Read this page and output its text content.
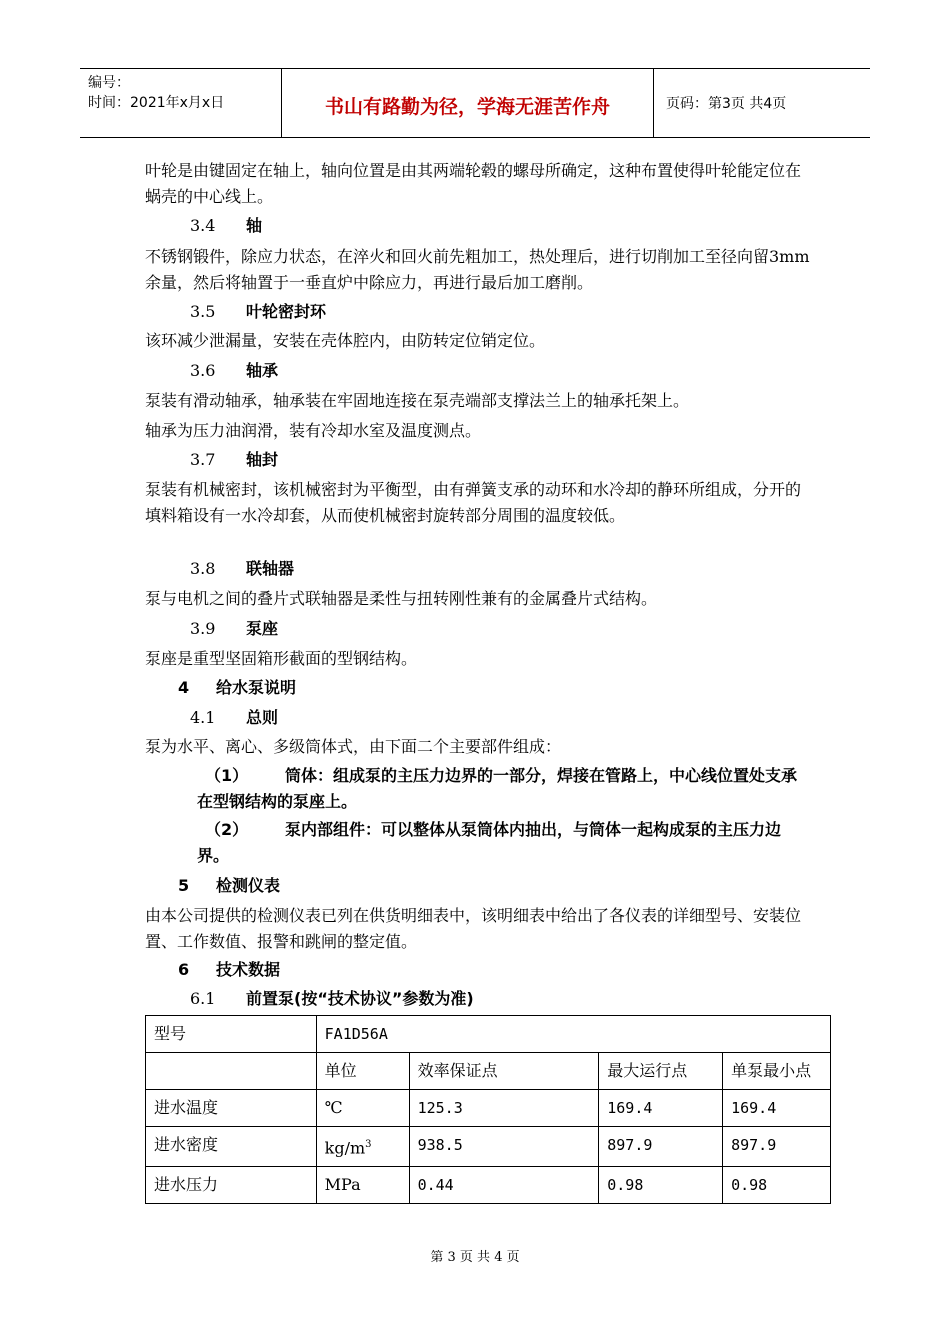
编号：
时间：2021年x月x日	书山有路勤为径，学海无涯苦作舟	页码：第3页 共4页
叶轮是由键固定在轴上，轴向位置是由其两端轮毂的螺母所确定，这种布置使得叶轮能定位在蜗壳的中心线上。
3.4 轴
不锈钢锻件，除应力状态，在淬火和回火前先粗加工，热处理后，进行切削加工至径向留3mm余量，然后将轴置于一垂直炉中除应力，再进行最后加工磨削。
3.5 叶轮密封环
该环减少泄漏量，安装在壳体腔内，由防转定位销定位。
3.6 轴承
泵装有滑动轴承，轴承装在牢固地连接在泵壳端部支撑法兰上的轴承托架上。
轴承为压力油润滑，装有冷却水室及温度测点。
3.7 轴封
泵装有机械密封，该机械密封为平衡型，由有弹簧支承的动环和水冷却的静环所组成，分开的填料箱设有一水冷却套，从而使机械密封旋转部分周围的温度较低。
3.8 联轴器
泵与电机之间的叠片式联轴器是柔性与扭转刚性兼有的金属叠片式结构。
3.9 泵座
泵座是重型坚固箱形截面的型钢结构。
4 给水泵说明
4.1 总则
泵为水平、离心、多级筒体式，由下面二个主要部件组成：
（1）	筒体：组成泵的主压力边界的一部分，焊接在管路上，中心线位置处支承在型钢结构的泵座上。
（2）	泵内部组件：可以整体从泵筒体内抽出，与筒体一起构成泵的主压力边界。
5 检测仪表
由本公司提供的检测仪表已列在供货明细表中，该明细表中给出了各仪表的详细型号、安装位置、工作数值、报警和跳闸的整定值。
6 技术数据
6.1 前置泵(按“技术协议”参数为准)
型号	FA1D56A			
	单位	效率保证点	最大运行点	单泵最小点
进水温度	℃	125.3	169.4	169.4
进水密度	$kg/m^3$	938.5	897.9	897.9
进水压力	MPa	0.44	0.98	0.98
第 3 页 共 4 页
